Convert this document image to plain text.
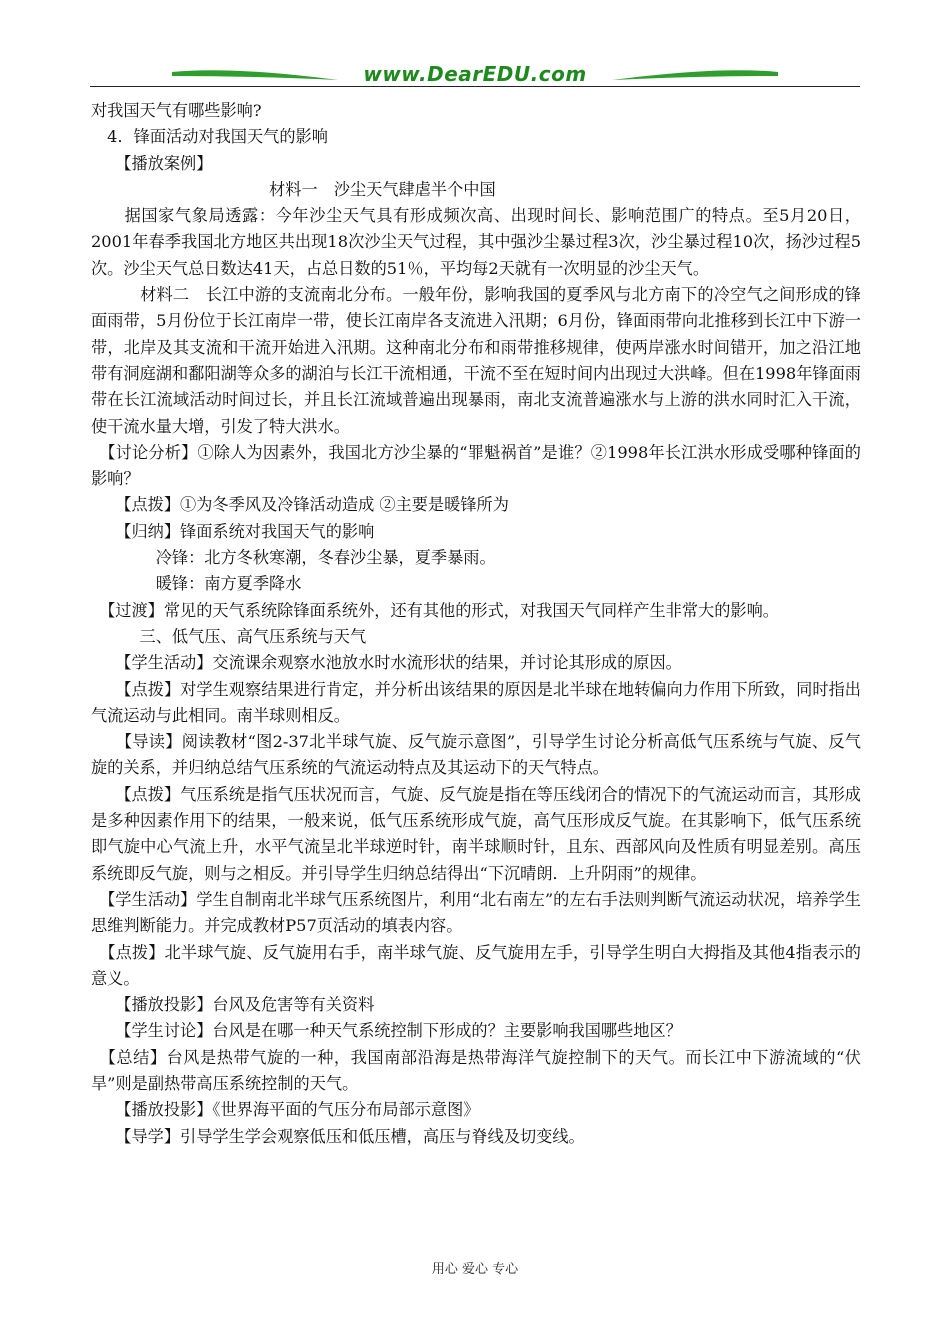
www.DearEDU.com

对我国天气有哪些影响?

　4．锋面活动对我国天气的影响

　　【播放案例】

　　　　　　　　　　　材料一　沙尘天气肆虐半个中国

　　据国家气象局透露：今年沙尘天气具有形成频次高、出现时间长、影响范围广的特点。至5月20日，2001年春季我国北方地区共出现18次沙尘天气过程，其中强沙尘暴过程3次，沙尘暴过程10次，扬沙过程5次。沙尘天气总日数达41天，占总日数的51％，平均每2天就有一次明显的沙尘天气。

　　　材料二　长江中游的支流南北分布。一般年份，影响我国的夏季风与北方南下的冷空气之间形成的锋面雨带，5月份位于长江南岸一带，使长江南岸各支流进入汛期；6月份，锋面雨带向北推移到长江中下游一带，北岸及其支流和干流开始进入汛期。这种南北分布和雨带推移规律，使两岸涨水时间错开，加之沿江地带有洞庭湖和鄱阳湖等众多的湖泊与长江干流相通，干流不至在短时间内出现过大洪峰。但在1998年锋面雨带在长江流域活动时间过长，并且长江流域普遍出现暴雨，南北支流普遍涨水与上游的洪水同时汇入干流，使干流水量大增，引发了特大洪水。

　【讨论分析】①除人为因素外，我国北方沙尘暴的“罪魁祸首”是谁？②1998年长江洪水形成受哪种锋面的影响？

　　【点拨】①为冬季风及冷锋活动造成 ②主要是暖锋所为

　　【归纳】锋面系统对我国天气的影响

　　　　冷锋：北方冬秋寒潮，冬春沙尘暴，夏季暴雨。

　　　　暖锋：南方夏季降水

　【过渡】常见的天气系统除锋面系统外，还有其他的形式，对我国天气同样产生非常大的影响。

　　　三、低气压、高气压系统与天气

　　【学生活动】交流课余观察水池放水时水流形状的结果，并讨论其形成的原因。

　　【点拨】对学生观察结果进行肯定，并分析出该结果的原因是北半球在地转偏向力作用下所致，同时指出气流运动与此相同。南半球则相反。

　　【导读】阅读教材“图2-37北半球气旋、反气旋示意图”，引导学生讨论分析高低气压系统与气旋、反气旋的关系，并归纳总结气压系统的气流运动特点及其运动下的天气特点。

　　【点拨】气压系统是指气压状况而言，气旋、反气旋是指在等压线闭合的情况下的气流运动而言，其形成是多种因素作用下的结果，一般来说，低气压系统形成气旋，高气压形成反气旋。在其影响下，低气压系统即气旋中心气流上升，水平气流呈北半球逆时针，南半球顺时针，且东、西部风向及性质有明显差别。高压系统即反气旋，则与之相反。并引导学生归纳总结得出“下沉晴朗．上升阴雨”的规律。

　【学生活动】学生自制南北半球气压系统图片，利用“北右南左”的左右手法则判断气流运动状况，培养学生思维判断能力。并完成教材P57页活动的填表内容。

　【点拨】北半球气旋、反气旋用右手，南半球气旋、反气旋用左手，引导学生明白大拇指及其他4指表示的意义。

　　【播放投影】台风及危害等有关资料

　　【学生讨论】台风是在哪一种天气系统控制下形成的？主要影响我国哪些地区？

　【总结】台风是热带气旋的一种，我国南部沿海是热带海洋气旋控制下的天气。而长江中下游流域的“伏旱”则是副热带高压系统控制的天气。

　　【播放投影】《世界海平面的气压分布局部示意图》

　　【导学】引导学生学会观察低压和低压槽，高压与脊线及切变线。

用心 爱心 专心
